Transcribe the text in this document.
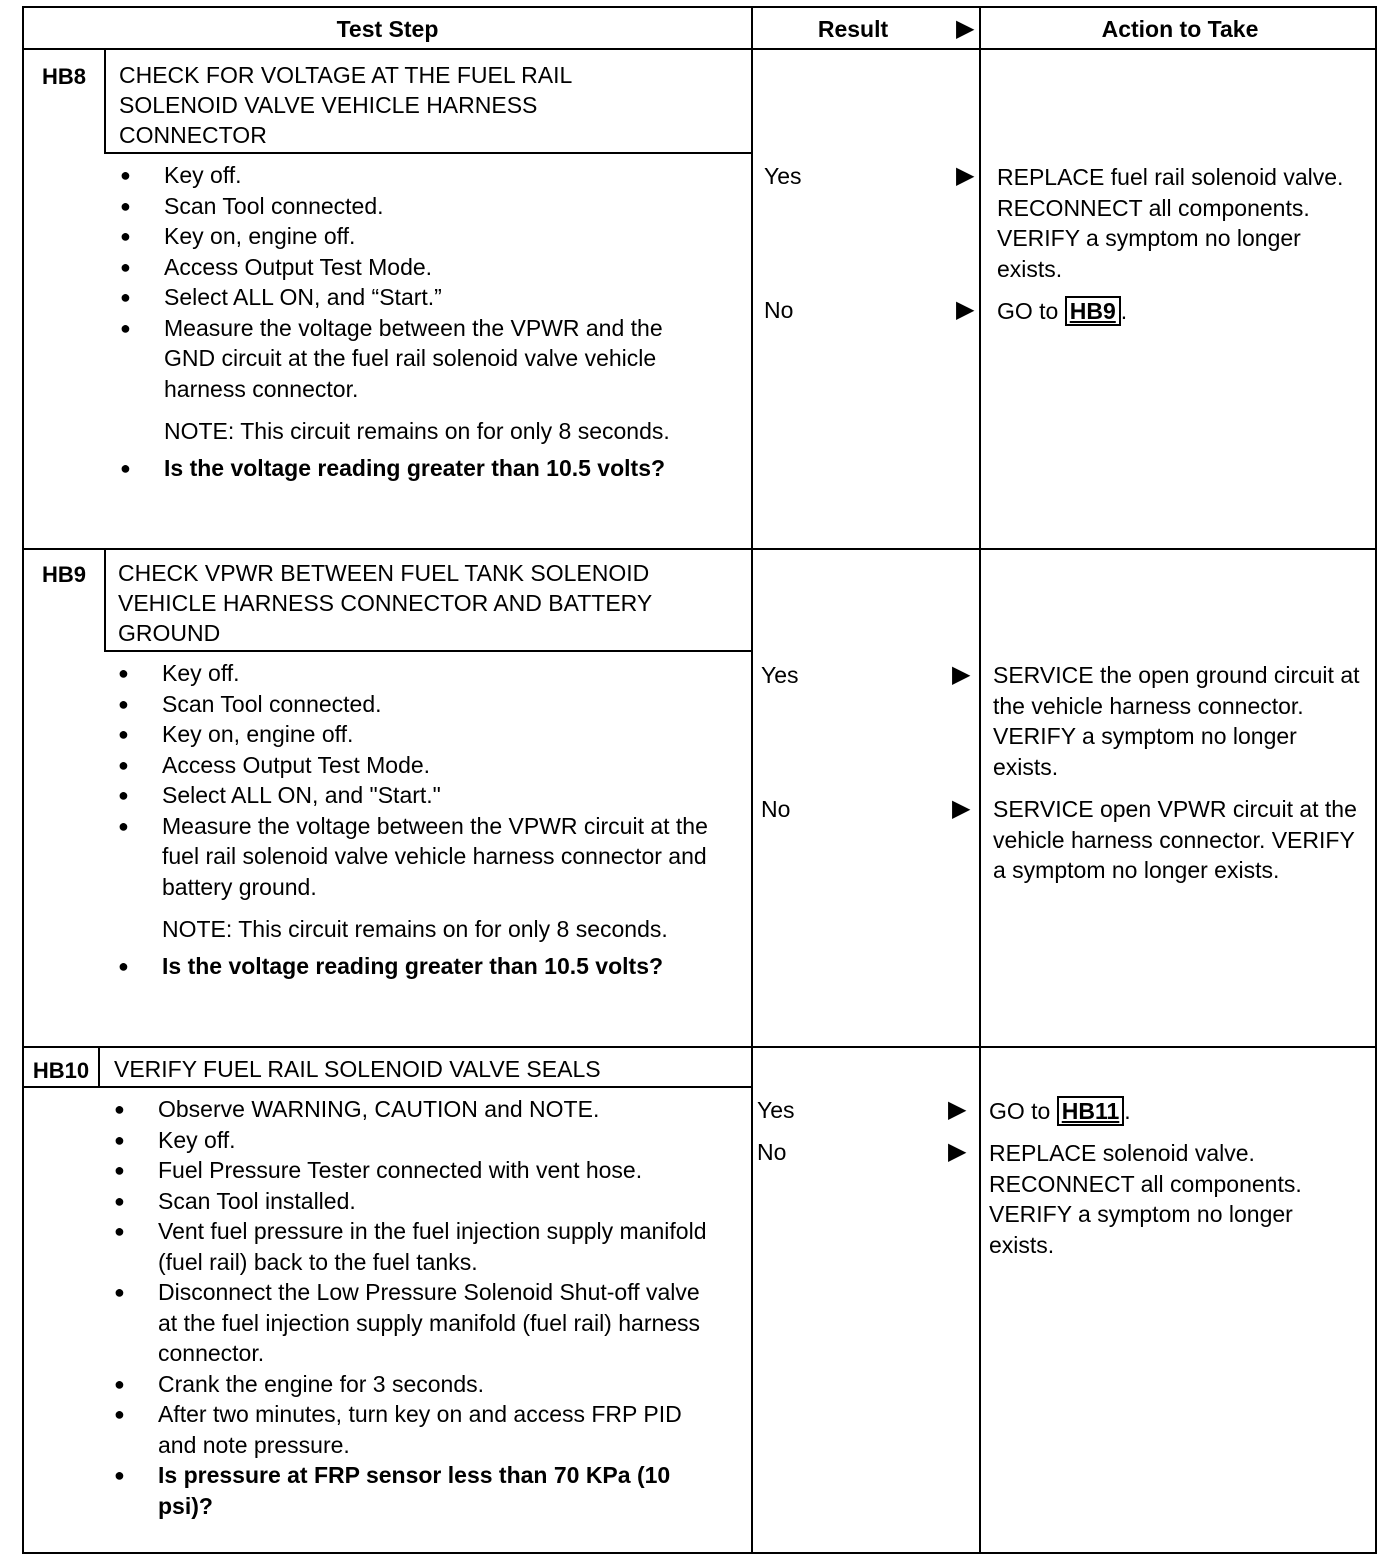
Test Step	Result	▶	Action to Take
HB8	CHECK FOR VOLTAGE AT THE FUEL RAIL SOLENOID VALVE VEHICLE HARNESS CONNECTOR
● Key off.
● Scan Tool connected.
● Key on, engine off.
● Access Output Test Mode.
● Select ALL ON, and “Start.”
● Measure the voltage between the VPWR and the GND circuit at the fuel rail solenoid valve vehicle harness connector.
NOTE: This circuit remains on for only 8 seconds.
● Is the voltage reading greater than 10.5 volts?
Yes	▶ REPLACE fuel rail solenoid valve. RECONNECT all components. VERIFY a symptom no longer exists.
No	▶ GO to HB9 .
HB9	CHECK VPWR BETWEEN FUEL TANK SOLENOID VEHICLE HARNESS CONNECTOR AND BATTERY GROUND
● Key off.
● Scan Tool connected.
● Key on, engine off.
● Access Output Test Mode.
● Select ALL ON, and "Start."
● Measure the voltage between the VPWR circuit at the fuel rail solenoid valve vehicle harness connector and battery ground.
NOTE: This circuit remains on for only 8 seconds.
● Is the voltage reading greater than 10.5 volts?
Yes	▶ SERVICE the open ground circuit at the vehicle harness connector. VERIFY a symptom no longer exists.
No	▶ SERVICE open VPWR circuit at the vehicle harness connector. VERIFY a symptom no longer exists.
HB10	VERIFY FUEL RAIL SOLENOID VALVE SEALS
● Observe WARNING, CAUTION and NOTE.
● Key off.
● Fuel Pressure Tester connected with vent hose.
● Scan Tool installed.
● Vent fuel pressure in the fuel injection supply manifold (fuel rail) back to the fuel tanks.
● Disconnect the Low Pressure Solenoid Shut-off valve at the fuel injection supply manifold (fuel rail) harness connector.
● Crank the engine for 3 seconds.
● After two minutes, turn key on and access FRP PID and note pressure.
● Is pressure at FRP sensor less than 70 KPa (10 psi)?
Yes	▶ GO to HB11 .
No	▶ REPLACE solenoid valve. RECONNECT all components. VERIFY a symptom no longer exists.
